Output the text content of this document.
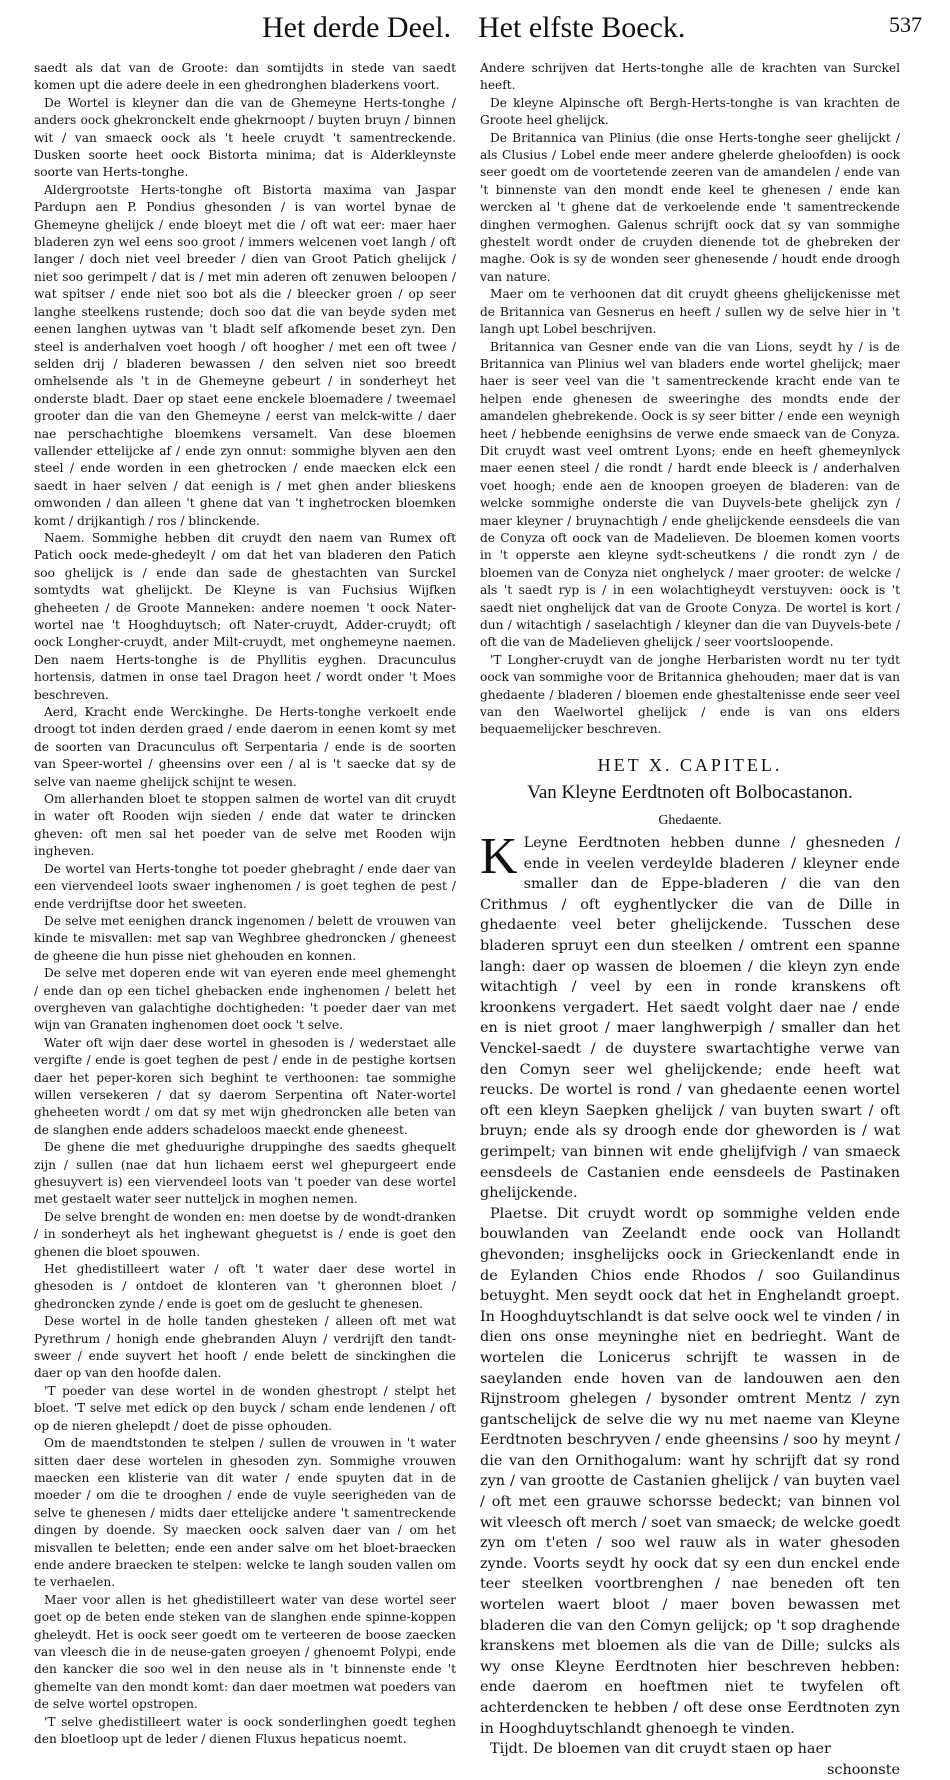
Het derde Deel. Het elfste Boeck.	537

saedt als dat van de Groote: dan somtijdts in stede van saedt komen upt die adere deele in een ghedronghen bladerkens voort.

De Wortel is kleyner dan die van de Ghemeyne Herts-tonghe / anders oock ghekronckelt ende ghekrnoopt / buyten bruyn / binnen wit / van smaeck oock als 't heele cruydt 't samentreckende. Dusken soorte heet oock Bistorta minima; dat is Alderkleynste soorte van Herts-tonghe.

Aldergrootste Herts-tonghe oft Bistorta maxima van Jaspar Pardupn aen P. Pondius ghesonden / is van wortel bynae de Ghemeyne ghelijck / ende bloeyt met die / oft wat eer: maer haer bladeren zyn wel eens soo groot / immers welcenen voet langh / oft langer / doch niet veel breeder / dien van Groot Patich ghelijck / niet soo gerimpelt / dat is / met min aderen oft zenuwen beloopen / wat spitser / ende niet soo bot als die / bleecker groen / op seer langhe steelkens rustende; doch soo dat die van beyde syden met eenen langhen uytwas van 't bladt self afkomende beset zyn. Den steel is anderhalven voet hoogh / oft hoogher / met een oft twee / selden drij / bladeren bewassen / den selven niet soo breedt omhelsende als 't in de Ghemeyne gebeurt / in sonderheyt het onderste bladt. Daer op staet eene enckele bloemadere / tweemael grooter dan die van den Ghemeyne / eerst van melck-witte / daer nae perschachtighe bloemkens versamelt. Van dese bloemen vallender ettelijcke af / ende zyn onnut: sommighe blyven aen den steel / ende worden in een ghetrocken / ende maecken elck een saedt in haer selven / dat eenigh is / met ghen ander blieskens omwonden / dan alleen 't ghene dat van 't inghetrocken bloemken komt / drijkantigh / ros / blinckende.

Naem. Sommighe hebben dit cruydt den naem van Rumex oft Patich oock mede-ghedeylt / om dat het van bladeren den Patich soo ghelijck is / ende dan sade de ghestachten van Surckel somtydts wat ghelijckt. De Kleyne is van Fuchsius Wijfken gheheeten / de Groote Manneken: andere noemen 't oock Nater-wortel nae 't Hooghduytsch; oft Nater-cruydt, Adder-cruydt; oft oock Longher-cruydt, ander Milt-cruydt, met onghemeyne naemen. Den naem Herts-tonghe is de Phyllitis eyghen. Dracunculus hortensis, datmen in onse tael Dragon heet / wordt onder 't Moes beschreven.

Aerd, Kracht ende Werckinghe. De Herts-tonghe verkoelt ende droogt tot inden derden graed / ende daerom in eenen komt sy met de soorten van Dracunculus oft Serpentaria / ende is de soorten van Speer-wortel / gheensins over een / al is 't saecke dat sy de selve van naeme ghelijck schijnt te wesen.

Om allerhanden bloet te stoppen salmen de wortel van dit cruydt in water oft Rooden wijn sieden / ende dat water te drincken gheven: oft men sal het poeder van de selve met Rooden wijn ingheven.

De wortel van Herts-tonghe tot poeder ghebraght / ende daer van een viervendeel loots swaer inghenomen / is goet teghen de pest / ende verdrijftse door het sweeten.

De selve met eenighen dranck ingenomen / belett de vrouwen van kinde te misvallen: met sap van Weghbree ghedroncken / gheneest de gheene die hun pisse niet ghehouden en konnen.

De selve met doperen ende wit van eyeren ende meel ghemenght / ende dan op een tichel ghebacken ende inghenomen / belett het overgheven van galachtighe dochtigheden: 't poeder daer van met wijn van Granaten inghenomen doet oock 't selve.

Water oft wijn daer dese wortel in ghesoden is / wederstaet alle vergifte / ende is goet teghen de pest / ende in de pestighe kortsen daer het peper-koren sich beghint te verthoonen: tae sommighe willen versekeren / dat sy daerom Serpentina oft Nater-wortel gheheeten wordt / om dat sy met wijn ghedroncken alle beten van de slanghen ende adders schadeloos maeckt ende gheneest.

De ghene die met gheduurighe druppinghe des saedts ghequelt zijn / sullen (nae dat hun lichaem eerst wel ghepurgeert ende ghesuyvert is) een viervendeel loots van 't poeder van dese wortel met gestaelt water seer nutteljck in moghen nemen.

De selve brenght de wonden en: men doetse by de wondt-dranken / in sonderheyt als het inghewant gheguetst is / ende is goet den ghenen die bloet spouwen.

Het ghedistilleert water / oft 't water daer dese wortel in ghesoden is / ontdoet de klonteren van 't gheronnen bloet / ghedroncken zynde / ende is goet om de geslucht te ghenesen.

Dese wortel in de holle tanden ghesteken / alleen oft met wat Pyrethrum / honigh ende ghebranden Aluyn / verdrijft den tandt-swеer / ende suyvert het hooft / ende belett de sinckinghen die daer op van den hoofde dalen.

'T poeder van dese wortel in de wonden ghestropt / stelpt het bloet. 'T selve met edick op den buyck / scham ende lendenen / oft op de nieren ghelepdt / doet de pisse ophouden.

Om de maendtstonden te stelpen / sullen de vrouwen in 't water sitten daer dese wortelen in ghesoden zyn. Sommighe vrouwen maecken een klisterie van dit water / ende spuyten dat in de moeder / om die te drooghen / ende de vuyle seerigheden van de selve te ghenesen / midts daer ettelijcke andere 't samentreckende dingen by doende. Sy maecken oock salven daer van / om het misvallen te beletten; ende een ander salve om het bloet-braecken ende andere braecken te stelpen: welcke te langh souden vallen om te verhaelen.

Maer voor allen is het ghedistilleert water van dese wortel seer goet op de beten ende steken van de slanghen ende spinne-koppen gheleydt. Het is oock seer goedt om te verteeren de boose zaecken van vleesch die in de neuse-gaten groeyen / ghenoemt Polypi, ende den kancker die soo wel in den neuse als in 't binnenste ende 't ghemelte van den mondt komt: dan daer moetmen wat poeders van de selve wortel opstropen.

'T selve ghedistilleert water is oock sonderlinghen goedt teghen den bloetloop upt de leder / dienen Fluxus hepaticus noemt.

Andere schrijven dat Herts-tonghe alle de krachten van Surckel heeft.

De kleyne Alpinsche oft Bergh-Herts-tonghe is van krachten de Groote heel ghelijck.

De Britannica van Plinius (die onse Herts-tonghe seer ghelijckt / als Clusius / Lobel ende meer andere ghelerde gheloofden) is oock seer goedt om de voortetende zeeren van de amandelen / ende van 't binnenste van den mondt ende keel te ghenesen / ende kan wercken al 't ghene dat de verkoelende ende 't samentreckende dinghen vermoghen. Galenus schrijft oock dat sy van sommighe ghestelt wordt onder de cruyden dienende tot de ghebreken der maghe. Ook is sy de wonden seer ghenesende / houdt ende droogh van nature.

Maer om te verhoonen dat dit cruydt gheens ghelijckenisse met de Britannica van Gesnerus en heeft / sullen wy de selve hier in 't langh upt Lobel beschrijven.

Britannica van Gesner ende van die van Lions, seydt hy / is de Britannica van Plinius wel van bladers ende wortel ghelijck; maer haer is seer veel van die 't samentreckende kracht ende van te helpen ende ghenesen de sweeringhe des mondts ende der amandelen ghebrekende. Oock is sy seer bitter / ende een weynigh heet / hebbende eenighsins de verwe ende smaeck van de Conyza. Dit cruydt wast veel omtrent Lyons; ende en heeft ghemeynlyck maer eenen steel / die rondt / hardt ende bleeck is / anderhalven voet hoogh; ende aen de knoopen groeyen de bladeren: van de welcke sommighe onderste die van Duyvels-bete ghelijck zyn / maer kleyner / bruynachtigh / ende ghelijckende eensdeels die van de Conyza oft oock van de Madelieven. De bloemen komen voorts in 't opperste aen kleyne sydt-scheutkens / die rondt zyn / de bloemen van de Conyza niet onghelyck / maer grooter: de welcke / als 't saedt ryp is / in een wolachtigheydt verstuyven: oock is 't saedt niet onghelijck dat van de Groote Conyza. De wortel is kort / dun / witachtigh / saselachtigh / kleyner dan die van Duyvels-bete / oft die van de Madelieven ghelijck / seer voortsloopende.

'T Longher-cruydt van de jonghe Herbaristen wordt nu ter tydt oock van sommighe voor de Britannica ghehouden; maer dat is van ghedaente / bladeren / bloemen ende ghestaltenisse ende seer veel van den Waelwortel ghelijck / ende is van ons elders bequaemelijcker beschreven.

HET X. CAPITEL.
Van Kleyne Eerdtnoten oft Bolbocastanon.
Ghedaente.

K Leyne Eerdtnoten hebben dunne / ghesneden / ende in veelen verdeylde bladeren / kleyner ende smaller dan de Eppe-bladeren / die van den Crithmus / oft eyghentlycker die van de Dille in ghedaente veel beter ghelijckende. Tusschen dese bladeren spruyt een dun steelken / omtrent een spanne langh: daer op wassen de bloemen / die kleyn zyn ende witachtigh / veel by een in ronde kranskens oft kroonkens vergadert. Het saedt volght daer nae / ende en is niet groot / maer langhwerpigh / smaller dan het Venckel-saedt / de duystere swartachtighe verwe van den Comyn seer wel ghelijckende; ende heeft wat reucks. De wortel is rond / van ghedaente eenen wortel oft een kleyn Saepken ghelijck / van buyten swart / oft bruyn; ende als sy droogh ende dor gheworden is / wat gerimpelt; van binnen wit ende ghelijfvigh / van smaeck eensdeels de Castanien ende eensdeels de Pastinaken ghelijckende.

Plaetse. Dit cruydt wordt op sommighe velden ende bouwlanden van Zeelandt ende oock van Hollandt ghevonden; insghelijcks oock in Grieckenlandt ende in de Eylanden Chios ende Rhodos / soo Guilandinus betuyght. Men seydt oock dat het in Enghelandt groept. In Hooghduytschlandt is dat selve oock wel te vinden / in dien ons onse meyninghe niet en bedrieght. Want de wortelen die Lonicerus schrijft te wassen in de saeylanden ende hoven van de landouwen aen den Rijnstroom ghelegen / bysonder omtrent Mentz / zyn gantschelijck de selve die wy nu met naeme van Kleyne Eerdtnoten beschryven / ende gheensins / soo hy meynt / die van den Ornithogalum: want hy schrijft dat sy rond zyn / van grootte de Castanien ghelijck / van buyten vael / oft met een grauwe schorsse bedeckt; van binnen vol wit vleesch oft merch / soet van smaeck; de welcke goedt zyn om t'eten / soo wel rauw als in water ghesoden zynde. Voorts seydt hy oock dat sy een dun enckel ende teer steelken voortbrenghen / nae beneden oft ten wortelen waert bloot / maer boven bewassen met bladeren die van den Comyn gelijck; op 't sop draghende kranskens met bloemen als die van de Dille; sulcks als wy onse Kleyne Eerdtnoten hier beschreven hebben: ende daerom en hoeftmen niet te twyfelen oft achterdencken te hebben / oft dese onse Eerdtnoten zyn in Hooghduytschlandt ghenoegh te vinden.

Tijdt. De bloemen van dit cruydt staen op haer

schoonste
